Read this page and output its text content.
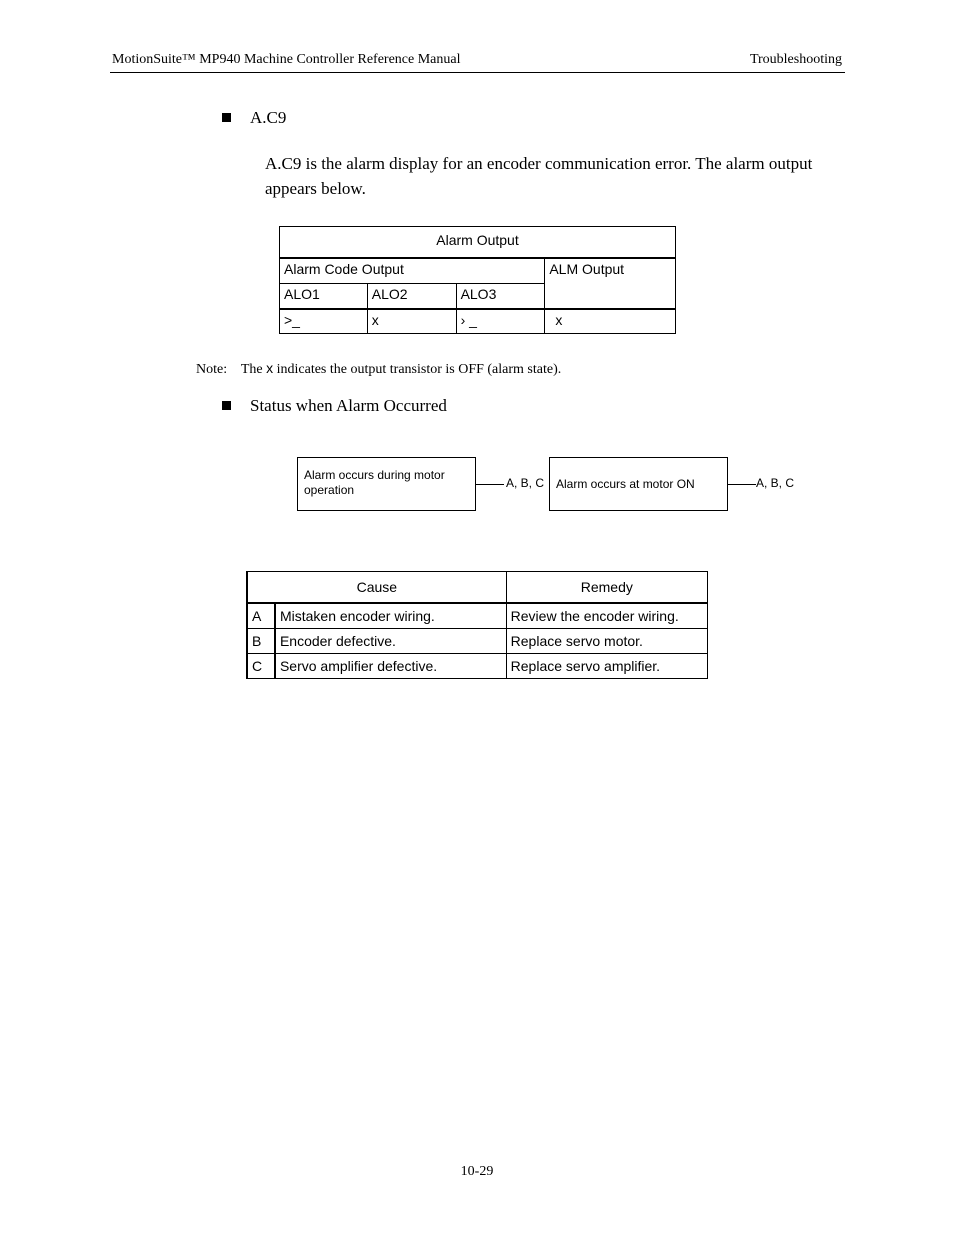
MotionSuite™ MP940 Machine Controller Reference Manual	Troubleshooting
A.C9
A.C9 is the alarm display for an encoder communication error. The alarm output appears below.
Alarm Output			
Alarm Code Output			ALM Output
ALO1	ALO2	ALO3	
>_	x	› _	x
Note: The x indicates the output transistor is OFF (alarm state).
Status when Alarm Occurred
Alarm occurs during motor operation	A, B, C Alarm occurs at motor ON	A, B, C
Cause		Remedy
A	Mistaken encoder wiring.	Review the encoder wiring.
B	Encoder defective.	Replace servo motor.
C	Servo amplifier defective.	Replace servo amplifier.
10-29
